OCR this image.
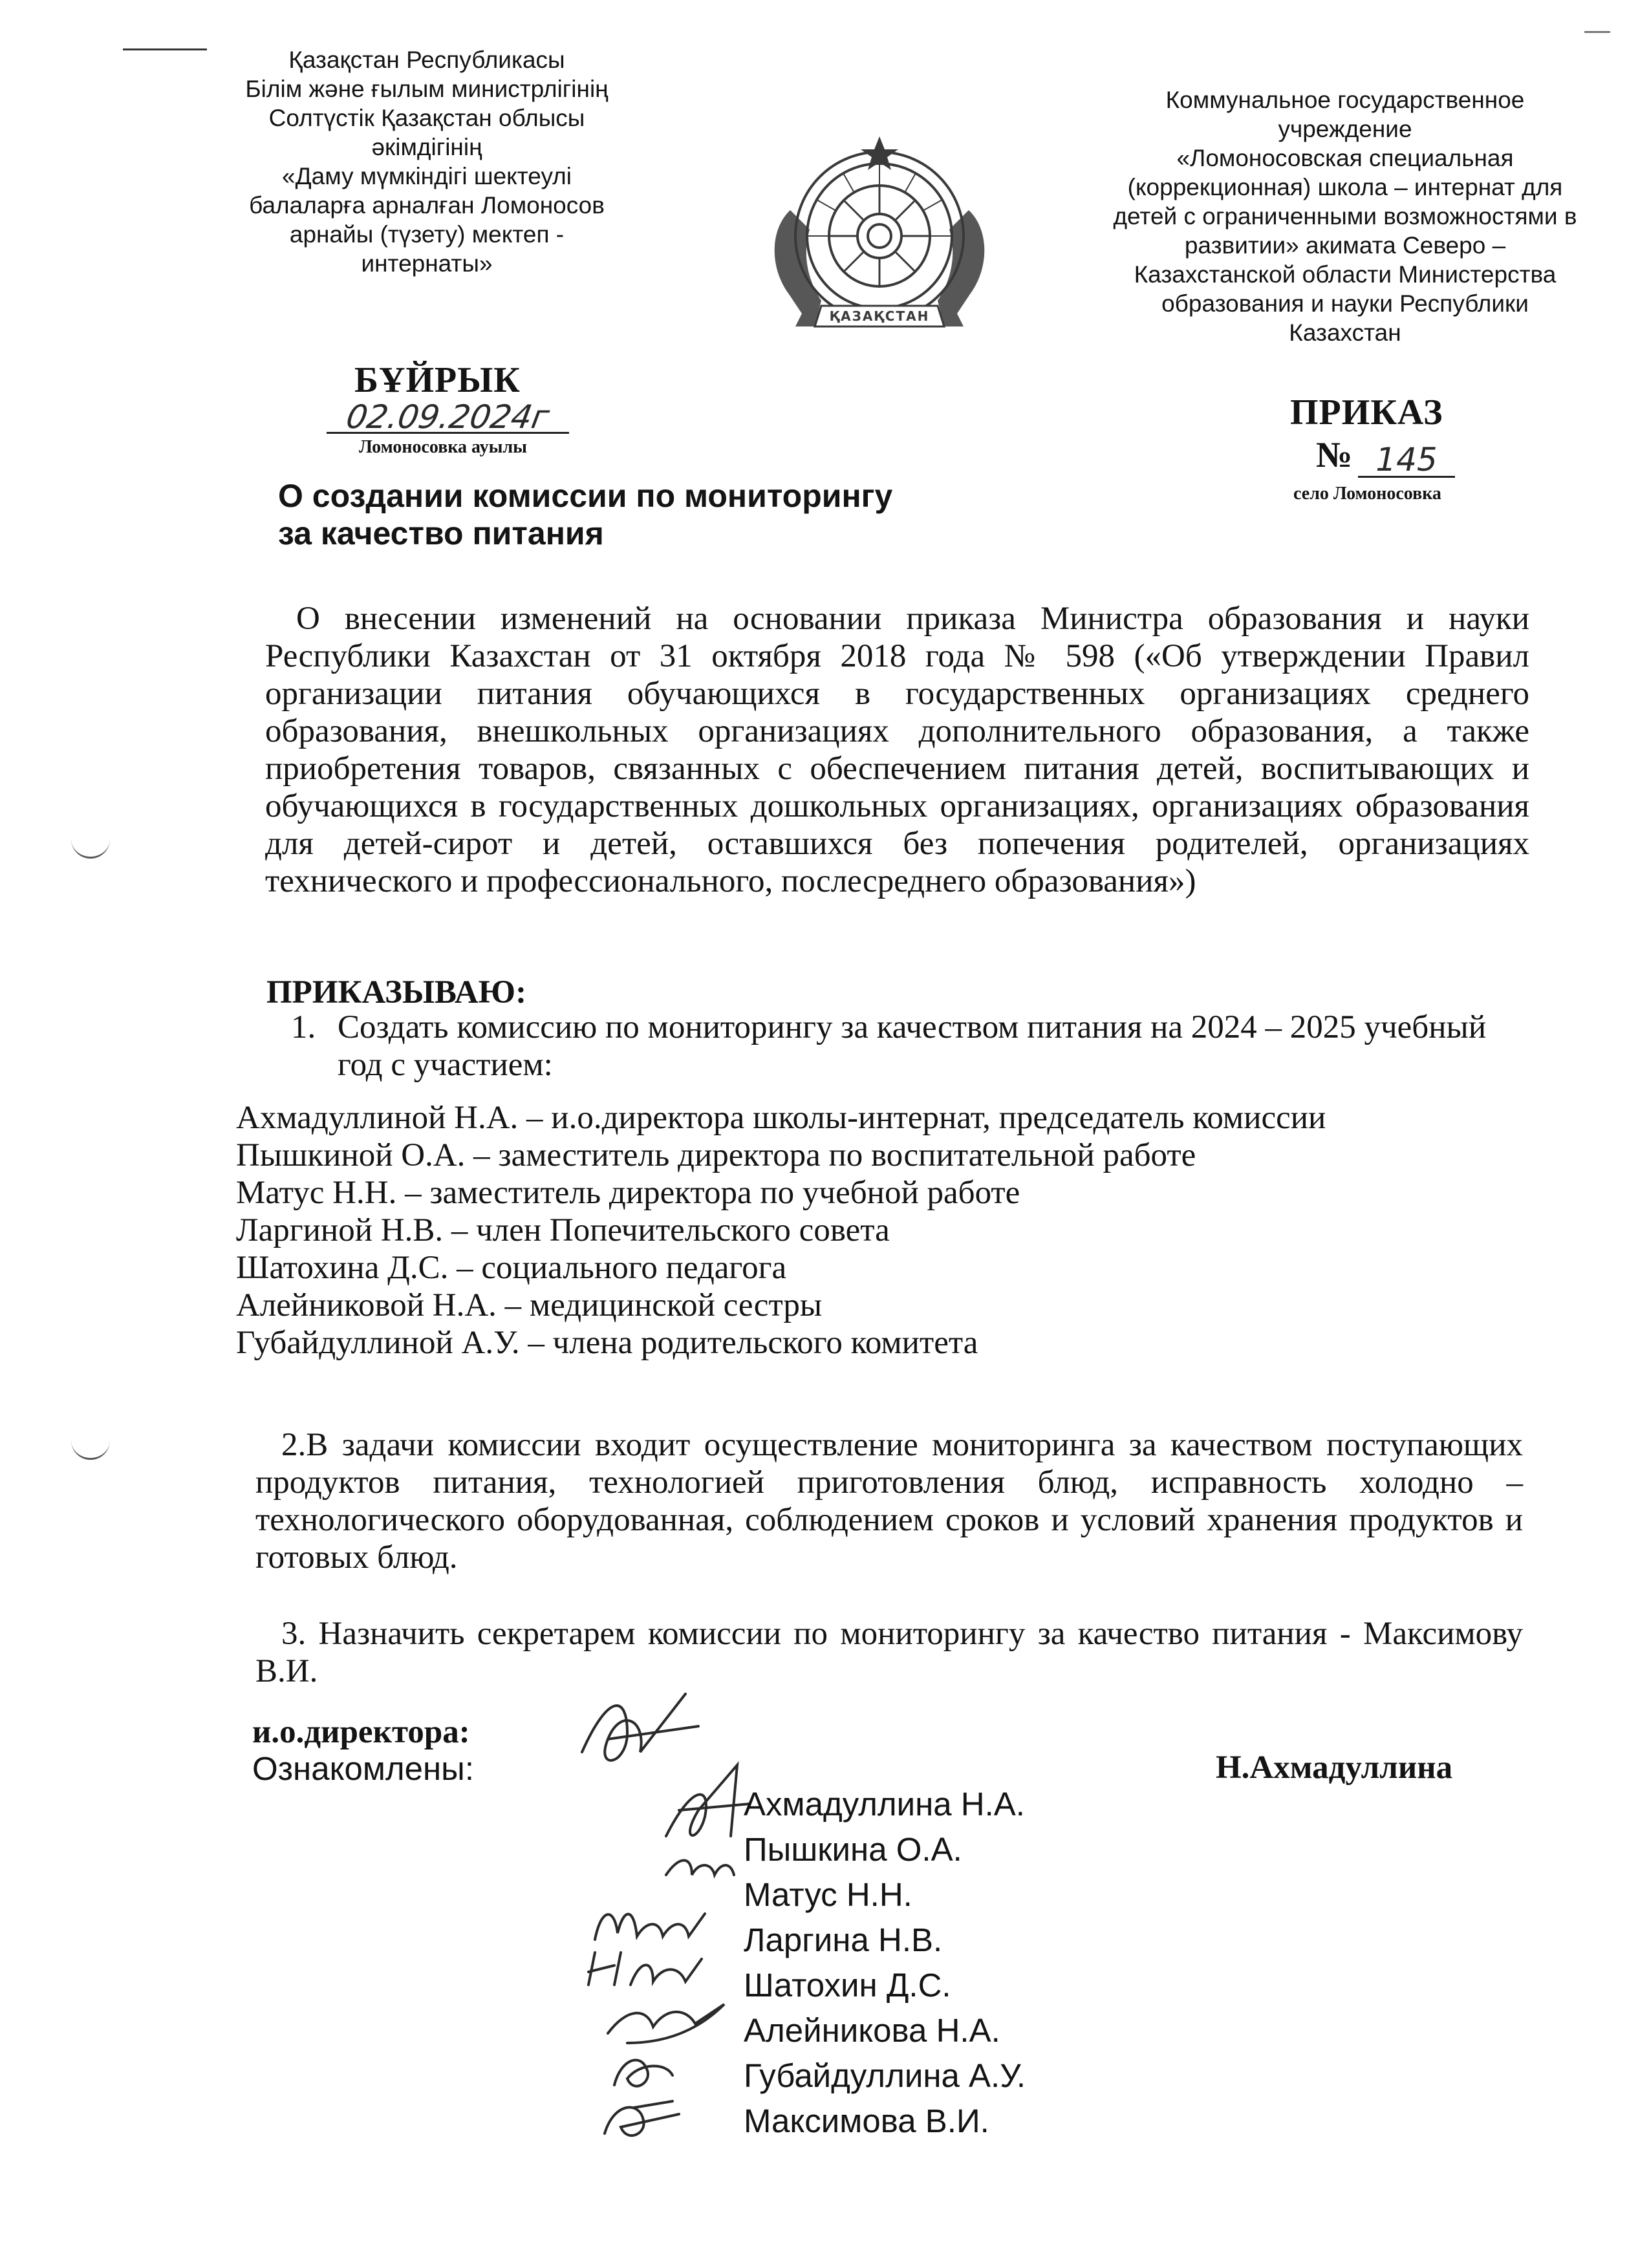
Қазақстан Республикасы
Білім және ғылым министрлігінің
Солтүстік Қазақстан облысы
әкімдігінің
«Даму мүмкіндігі шектеулі
балаларға арналған Ломоносов
арнайы (түзету) мектеп -
интернаты»
ҚАЗАҚСТАН
Коммунальное государственное
учреждение
«Ломоносовская специальная
(коррекционная) школа – интернат для
детей с ограниченными возможностями в
развитии» акимата Северо –
Казахстанской области Министерства
образования и науки Республики
Казахстан
БҰЙРЫК
02.09.2024г
Ломоносовка ауылы
ПРИКАЗ
№ 145
село Ломоносовка
О создании комиссии по мониторингу
за качество питания
О внесении изменений на основании приказа Министра образования и науки Республики Казахстан от 31 октября 2018 года № 598 («Об утверждении Правил организации питания обучающихся в государственных организациях среднего образования, внешкольных организациях дополнительного образования, а также приобретения товаров, связанных с обеспечением питания детей, воспитывающих и обучающихся в государственных дошкольных организациях, организациях образования для детей-сирот и детей, оставшихся без попечения родителей, организациях технического и профессионального, послесреднего образования»)
ПРИКАЗЫВАЮ:
1. Создать комиссию по мониторингу за качеством питания на 2024 – 2025 учебный год с участием:
Ахмадуллиной Н.А. – и.о.директора школы-интернат, председатель комиссии
Пышкиной О.А. – заместитель директора по воспитательной работе
Матус Н.Н. – заместитель директора по учебной работе
Ларгиной Н.В. – член Попечительского совета
Шатохина Д.С. – социального педагога
Алейниковой Н.А. – медицинской сестры
Губайдуллиной А.У. – члена родительского комитета
2.В задачи комиссии входит осуществление мониторинга за качеством поступающих продуктов питания, технологией приготовления блюд, исправность холодно – технологического оборудованная, соблюдением сроков и условий хранения продуктов и готовых блюд.
3. Назначить секретарем комиссии по мониторингу за качество питания - Максимову В.И.
и.о.директора:
Н.Ахмадуллина
Ознакомлены:
Ахмадуллина Н.А.
Пышкина О.А.
Матус Н.Н.
Ларгина Н.В.
Шатохин Д.С.
Алейникова Н.А.
Губайдуллина А.У.
Максимова В.И.
